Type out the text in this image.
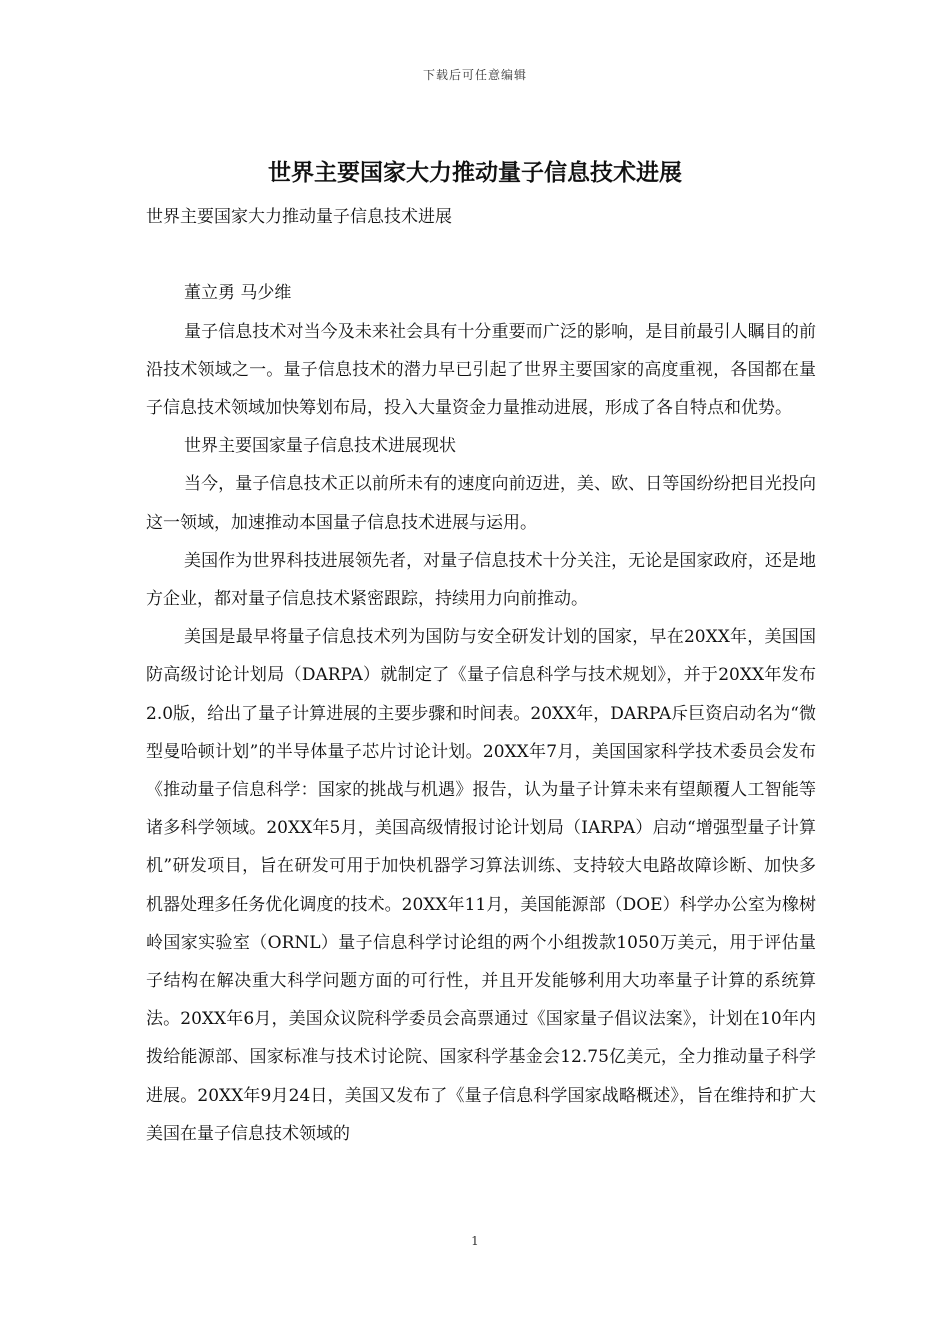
下载后可任意编辑
世界主要国家大力推动量子信息技术进展

世界主要国家大力推动量子信息技术进展

董立勇 马少维

量子信息技术对当今及未来社会具有十分重要而广泛的影响，是目前最引人瞩目的前沿技术领域之一。量子信息技术的潜力早已引起了世界主要国家的高度重视，各国都在量子信息技术领域加快筹划布局，投入大量资金力量推动进展，形成了各自特点和优势。

世界主要国家量子信息技术进展现状

当今，量子信息技术正以前所未有的速度向前迈进，美、欧、日等国纷纷把目光投向这一领域，加速推动本国量子信息技术进展与运用。

美国作为世界科技进展领先者，对量子信息技术十分关注，无论是国家政府，还是地方企业，都对量子信息技术紧密跟踪，持续用力向前推动。

美国是最早将量子信息技术列为国防与安全研发计划的国家，早在20XX年，美国国防高级讨论计划局（DARPA）就制定了《量子信息科学与技术规划》，并于20XX年发布2.0版，给出了量子计算进展的主要步骤和时间表。20XX年，DARPA斥巨资启动名为“微型曼哈顿计划”的半导体量子芯片讨论计划。20XX年7月，美国国家科学技术委员会发布《推动量子信息科学：国家的挑战与机遇》报告，认为量子计算未来有望颠覆人工智能等诸多科学领域。20XX年5月，美国高级情报讨论计划局（IARPA）启动“增强型量子计算机”研发项目，旨在研发可用于加快机器学习算法训练、支持较大电路故障诊断、加快多机器处理多任务优化调度的技术。20XX年11月，美国能源部（DOE）科学办公室为橡树岭国家实验室（ORNL）量子信息科学讨论组的两个小组拨款1050万美元，用于评估量子结构在解决重大科学问题方面的可行性，并且开发能够利用大功率量子计算的系统算法。20XX年6月，美国众议院科学委员会高票通过《国家量子倡议法案》，计划在10年内拨给能源部、国家标准与技术讨论院、国家科学基金会12.75亿美元，全力推动量子科学进展。20XX年9月24日，美国又发布了《量子信息科学国家战略概述》，旨在维持和扩大美国在量子信息技术领域的

1
